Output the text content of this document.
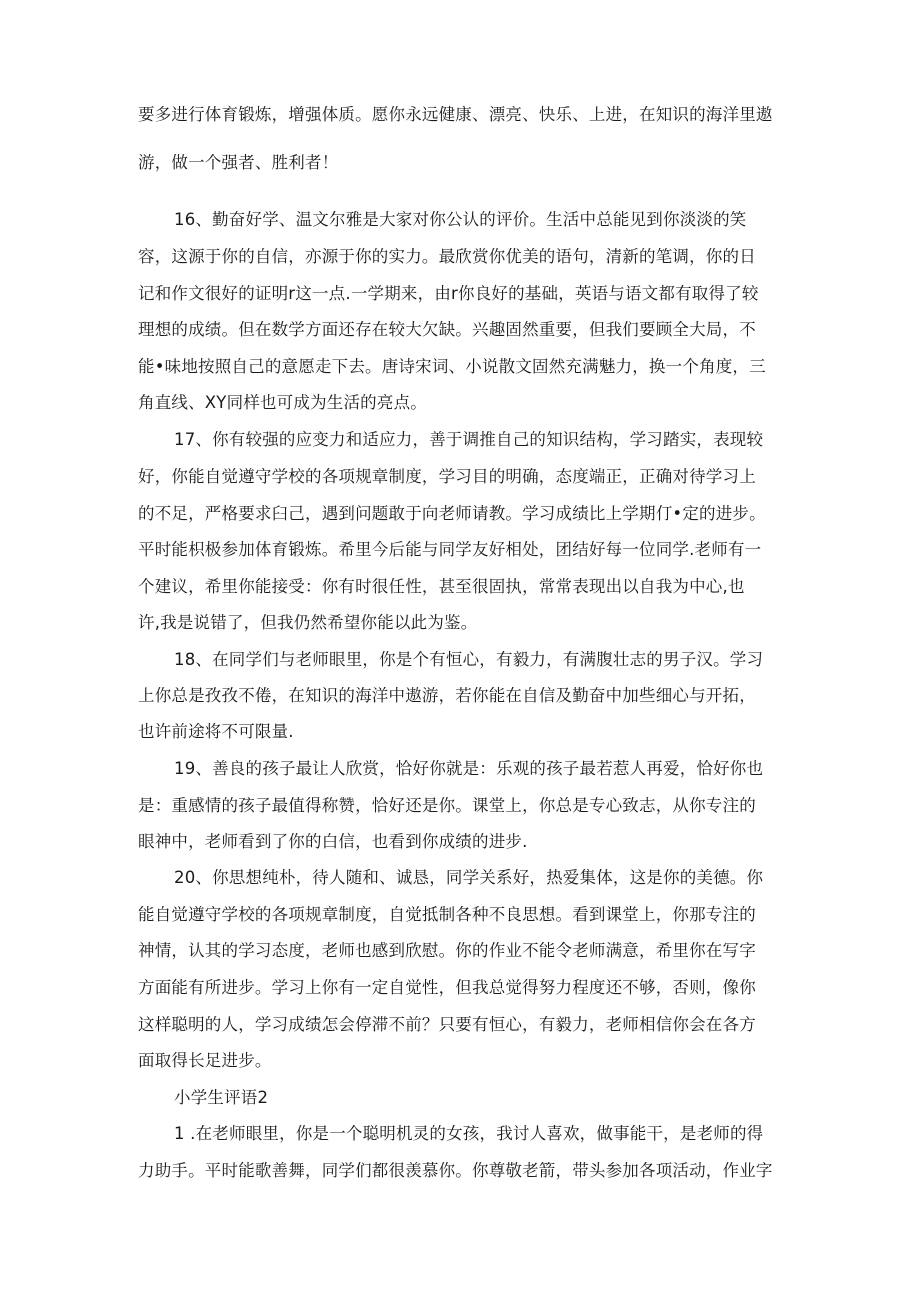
要多进行体育锻炼，增强体质。愿你永远健康、漂亮、快乐、上进，在知识的海洋里遨

游，做一个强者、胜利者！

16、勤奋好学、温文尔雅是大家对你公认的评价。生活中总能见到你淡淡的笑

容，这源于你的自信，亦源于你的实力。最欣赏你优美的语句，清新的笔调，你的日

记和作文很好的证明r这一点.一学期来，由r你良好的基础，英语与语文都有取得了较

理想的成绩。但在数学方面还存在较大欠缺。兴趣固然重要，但我们要顾全大局，不

能•味地按照自己的意愿走下去。唐诗宋词、小说散文固然充满魅力，换一个角度，三

角直线、XY同样也可成为生活的亮点。

17、你有较强的应变力和适应力，善于调推自己的知识结构，学习踏实，表现较

好，你能自觉遵守学校的各项规章制度，学习目的明确，态度端正，正确对待学习上

的不足，严格要求臼己，遇到问题敢于向老师请教。学习成绩比上学期仃•定的进步。

平时能枳极参加体育锻炼。希里今后能与同学友好相处，团结好每一位同学.老师有一

个建议，希里你能接受：你有时很任性，甚至很固执，常常表现出以自我为中心,也

许,我是说错了，但我仍然希望你能以此为鉴。

18、在同学们与老师眼里，你是个有恒心，有毅力，有满腹壮志的男子汉。学习

上你总是孜孜不倦，在知识的海洋中遨游，若你能在自信及勤奋中加些细心与开拓，

也许前途将不可限量.

19、善良的孩子最让人欣赏，恰好你就是：乐观的孩子最若惹人再爱，恰好你也

是：重感情的孩子最值得称赞，恰好还是你。课堂上，你总是专心致志，从你专注的

眼神中，老师看到了你的白信，也看到你成绩的进步.

20、你思想纯朴，待人随和、诚恳，同学关系好，热爱集体，这是你的美德。你

能自觉遵守学校的各项规章制度，自觉抵制各种不良思想。看到课堂上，你那专注的

神情，认其的学习态度，老师也感到欣慰。你的作业不能令老师满意，希里你在写字

方面能有所进步。学习上你有一定自觉性，但我总觉得努力程度还不够，否则，像你

这样聪明的人，学习成绩怎会停滞不前？只要有恒心，有毅力，老师相信你会在各方

面取得长足进步。

小学生评语2

1 .在老师眼里，你是一个聪明机灵的女孩，我讨人喜欢，做事能干，是老师的得

力助手。平时能歌善舞，同学们都很羡慕你。你尊敬老箭，带头参加各项活动，作业字
